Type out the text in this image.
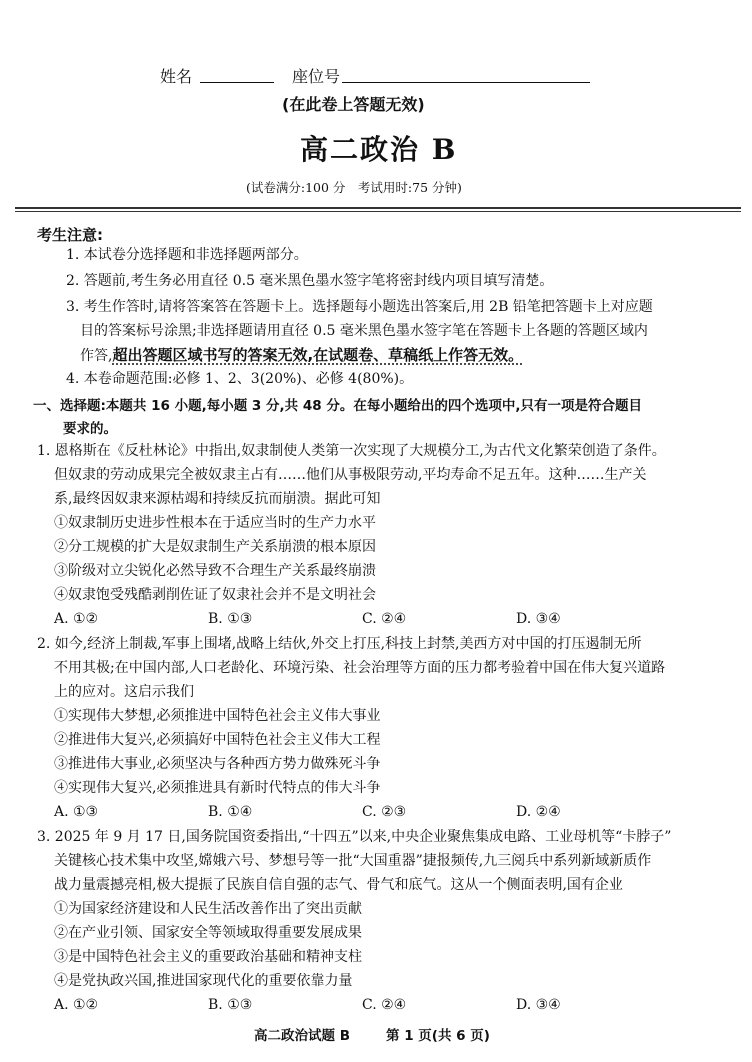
姓名	座位号
(在此卷上答题无效)
高二政治 B
(试卷满分:100 分　考试用时:75 分钟)
考生注意:
1. 本试卷分选择题和非选择题两部分。
2. 答题前,考生务必用直径 0.5 毫米黑色墨水签字笔将密封线内项目填写清楚。
3. 考生作答时,请将答案答在答题卡上。选择题每小题选出答案后,用 2B 铅笔把答题卡上对应题
目的答案标号涂黑;非选择题请用直径 0.5 毫米黑色墨水签字笔在答题卡上各题的答题区域内
作答,超出答题区域书写的答案无效,在试题卷、草稿纸上作答无效。
4. 本卷命题范围:必修 1、2、3(20%)、必修 4(80%)。
一、选择题:本题共 16 小题,每小题 3 分,共 48 分。在每小题给出的四个选项中,只有一项是符合题目
要求的。
1. 恩格斯在《反杜林论》中指出,奴隶制使人类第一次实现了大规模分工,为古代文化繁荣创造了条件。
但奴隶的劳动成果完全被奴隶主占有……他们从事极限劳动,平均寿命不足五年。这种……生产关
系,最终因奴隶来源枯竭和持续反抗而崩溃。据此可知
①奴隶制历史进步性根本在于适应当时的生产力水平
②分工规模的扩大是奴隶制生产关系崩溃的根本原因
③阶级对立尖锐化必然导致不合理生产关系最终崩溃
④奴隶饱受残酷剥削佐证了奴隶社会并不是文明社会
A. ①②	B. ①③	C. ②④	D. ③④
2. 如今,经济上制裁,军事上围堵,战略上结伙,外交上打压,科技上封禁,美西方对中国的打压遏制无所
不用其极;在中国内部,人口老龄化、环境污染、社会治理等方面的压力都考验着中国在伟大复兴道路
上的应对。这启示我们
①实现伟大梦想,必须推进中国特色社会主义伟大事业
②推进伟大复兴,必须搞好中国特色社会主义伟大工程
③推进伟大事业,必须坚决与各种西方势力做殊死斗争
④实现伟大复兴,必须推进具有新时代特点的伟大斗争
A. ①③	B. ①④	C. ②③	D. ②④
3. 2025 年 9 月 17 日,国务院国资委指出,“十四五”以来,中央企业聚焦集成电路、工业母机等“卡脖子”
关键核心技术集中攻坚,嫦娥六号、梦想号等一批“大国重器”捷报频传,九三阅兵中系列新域新质作
战力量震撼亮相,极大提振了民族自信自强的志气、骨气和底气。这从一个侧面表明,国有企业
①为国家经济建设和人民生活改善作出了突出贡献
②在产业引领、国家安全等领域取得重要发展成果
③是中国特色社会主义的重要政治基础和精神支柱
④是党执政兴国,推进国家现代化的重要依靠力量
A. ①②	B. ①③	C. ②④	D. ③④
高二政治试题 B	第 1 页(共 6 页)
